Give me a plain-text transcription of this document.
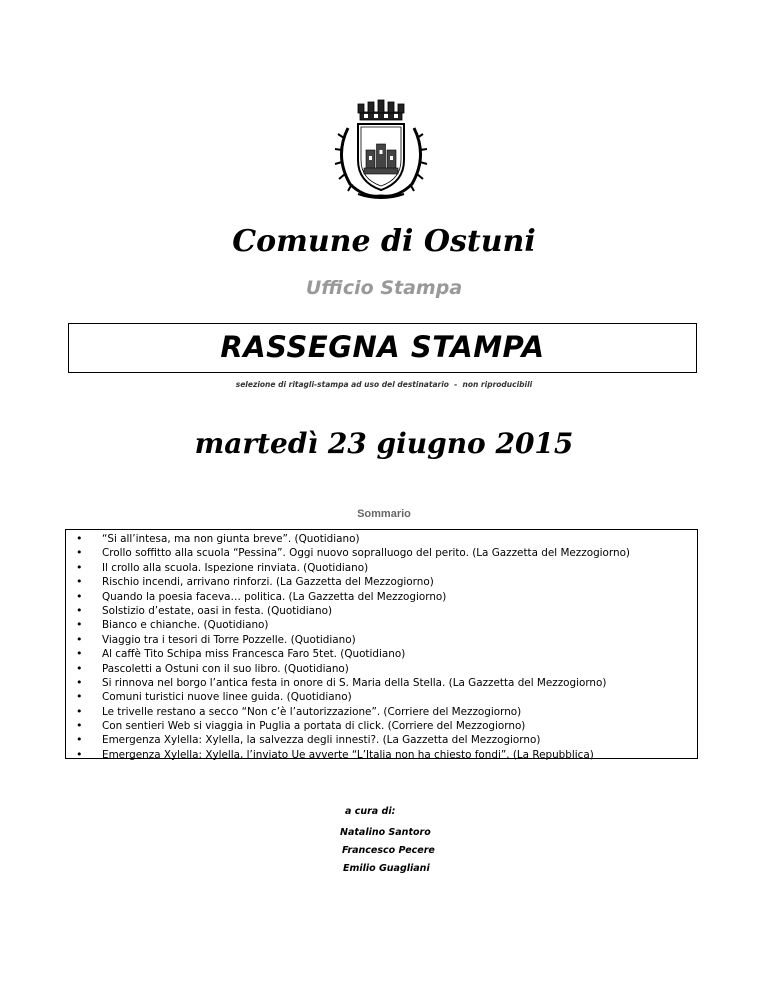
Comune di Ostuni
Ufficio Stampa
RASSEGNA STAMPA
selezione di ritagli-stampa ad uso del destinatario  -  non riproducibili
martedì 23 giugno 2015
Sommario
• “Si all’intesa, ma non giunta breve”. (Quotidiano)
• Crollo soffitto alla scuola “Pessina”. Oggi nuovo sopralluogo del perito. (La Gazzetta del Mezzogiorno)
• Il crollo alla scuola. Ispezione rinviata. (Quotidiano)
• Rischio incendi, arrivano rinforzi. (La Gazzetta del Mezzogiorno)
• Quando la poesia faceva… politica. (La Gazzetta del Mezzogiorno)
• Solstizio d’estate, oasi in festa. (Quotidiano)
• Bianco e chianche. (Quotidiano)
• Viaggio tra i tesori di Torre Pozzelle. (Quotidiano)
• Al caffè Tito Schipa miss Francesca Faro 5tet. (Quotidiano)
• Pascoletti a Ostuni con il suo libro. (Quotidiano)
• Si rinnova nel borgo l’antica festa in onore di S. Maria della Stella. (La Gazzetta del Mezzogiorno)
• Comuni turistici nuove linee guida. (Quotidiano)
• Le trivelle restano a secco “Non c’è l’autorizzazione”. (Corriere del Mezzogiorno)
• Con sentieri Web si viaggia in Puglia a portata di click. (Corriere del Mezzogiorno)
• Emergenza Xylella: Xylella, la salvezza degli innesti?. (La Gazzetta del Mezzogiorno)
• Emergenza Xylella: Xylella, l’inviato Ue avverte “L’Italia non ha chiesto fondi”. (La Repubblica)
a cura di:
Natalino Santoro
Francesco Pecere
Emilio Guagliani
